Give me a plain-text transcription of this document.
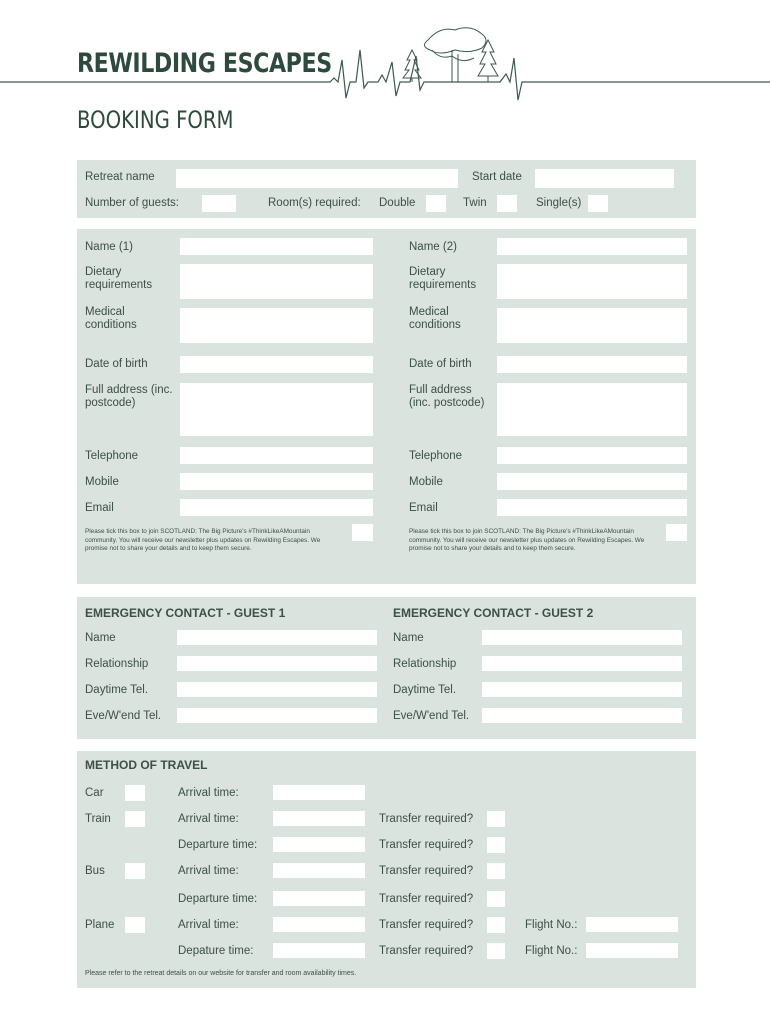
REWILDING ESCAPES
BOOKING FORM
Retreat name	Start date
Number of guests:	Room(s) required: Double	Twin	Single(s)
Name (1)
Dietary requirements
Medical conditions
Date of birth
Full address (inc. postcode)
Telephone
Mobile
Email
Please tick this box to join SCOTLAND: The Big Picture's #ThinkLikeAMountain community. You will receive our newsletter plus updates on Rewilding Escapes. We promise not to share your details and to keep them secure.
Name (2)
Dietary requirements
Medical conditions
Date of birth
Full address (inc. postcode)
Telephone
Mobile
Email
Please tick this box to join SCOTLAND: The Big Picture's #ThinkLikeAMountain community. You will receive our newsletter plus updates on Rewilding Escapes. We promise not to share your details and to keep them secure.
EMERGENCY CONTACT - GUEST 1
Name
Relationship
Daytime Tel.
Eve/W'end Tel.
EMERGENCY CONTACT - GUEST 2
Name
Relationship
Daytime Tel.
Eve/W'end Tel.
METHOD OF TRAVEL
Car	Arrival time:
Train	Arrival time:	Transfer required?
Departure time:	Transfer required?
Bus	Arrival time:	Transfer required?
Departure time:	Transfer required?
Plane	Arrival time:	Transfer required?	Flight No.:
Depature time:	Transfer required?	Flight No.:
Please refer to the retreat details on our website for transfer and room availability times.
